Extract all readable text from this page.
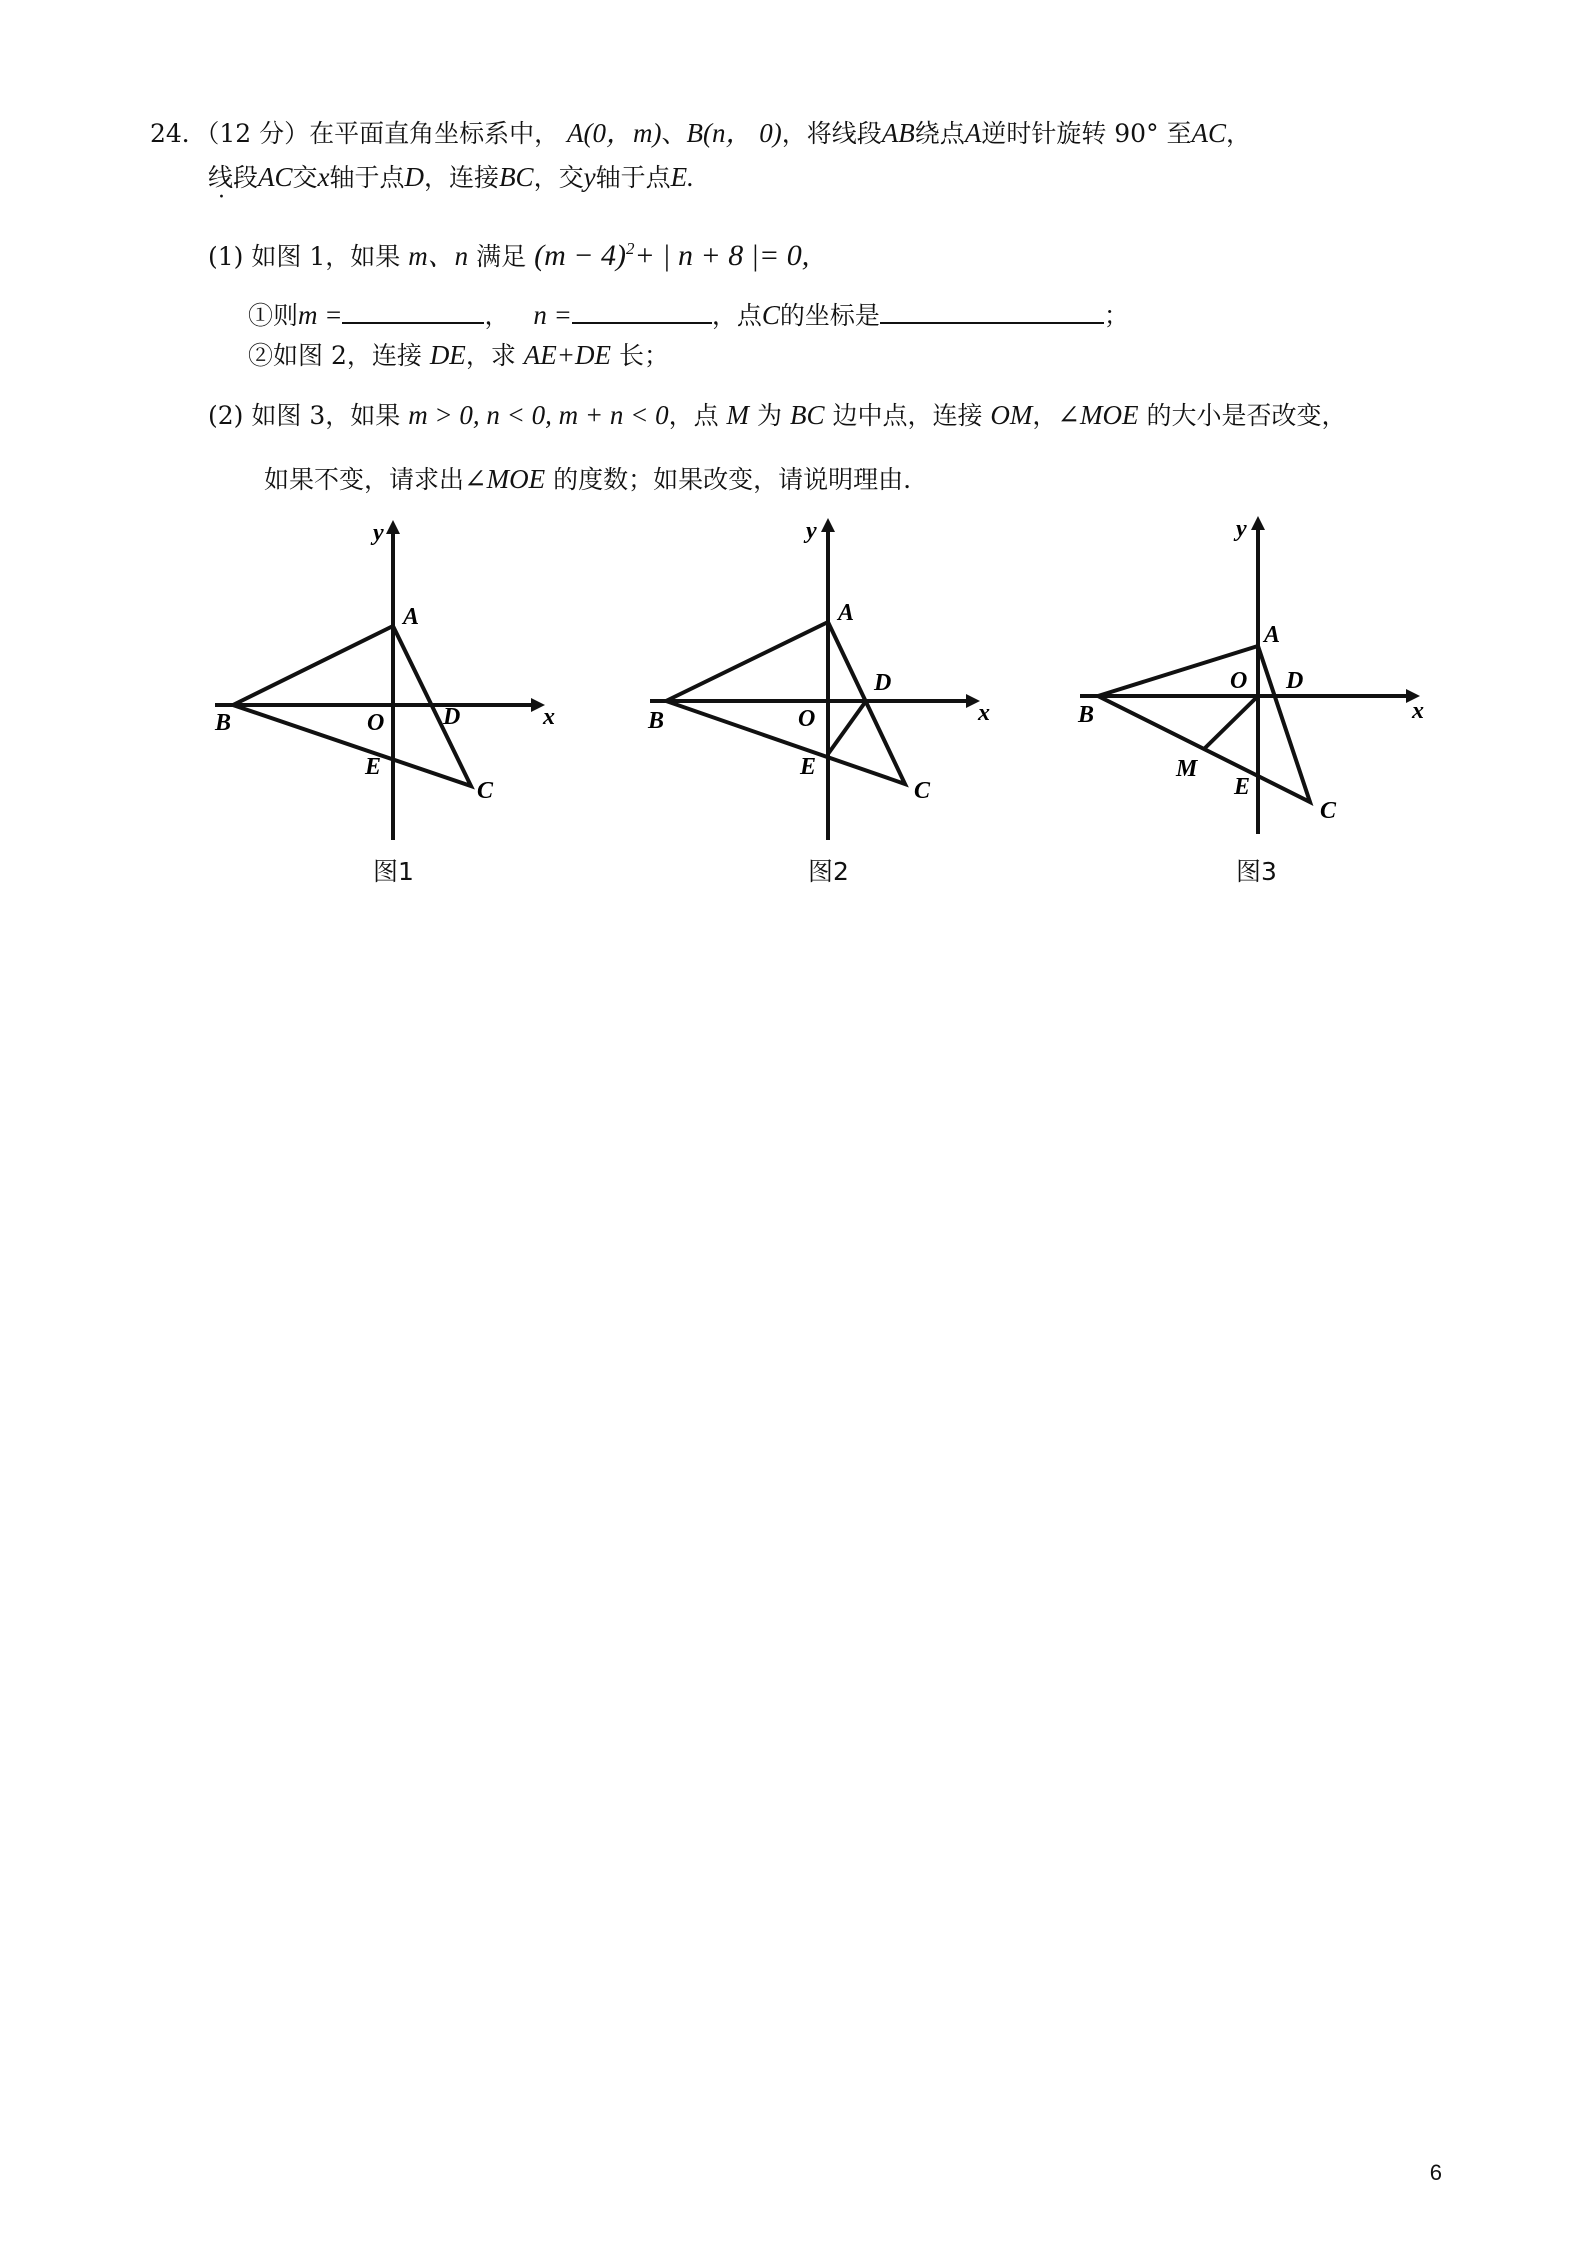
24．（12 分）在平面直角坐标系中， A(0，m)、B(n， 0)，将线段AB绕点A逆时针旋转 90° 至AC，
线段AC交x轴于点D，连接BC，交y轴于点E.
(1) 如图 1，如果 m、n 满足 $(m - 4)^2+$ | n + 8 |= 0,
①则m =	， n =	，点C的坐标是	；
②如图 2，连接 DE，求 AE+DE 长；
(2) 如图 3，如果 m > 0, n < 0, m + n < 0，点 M 为 BC 边中点，连接 OM，∠MOE 的大小是否改变，
如果不变，请求出∠MOE 的度数；如果改变，请说明理由.
y
x
A
B	O D
E
C
图1
y
x
A
B	O
D
E
C
图2
y
x
A
B
O D
E
C
M
图3
6
